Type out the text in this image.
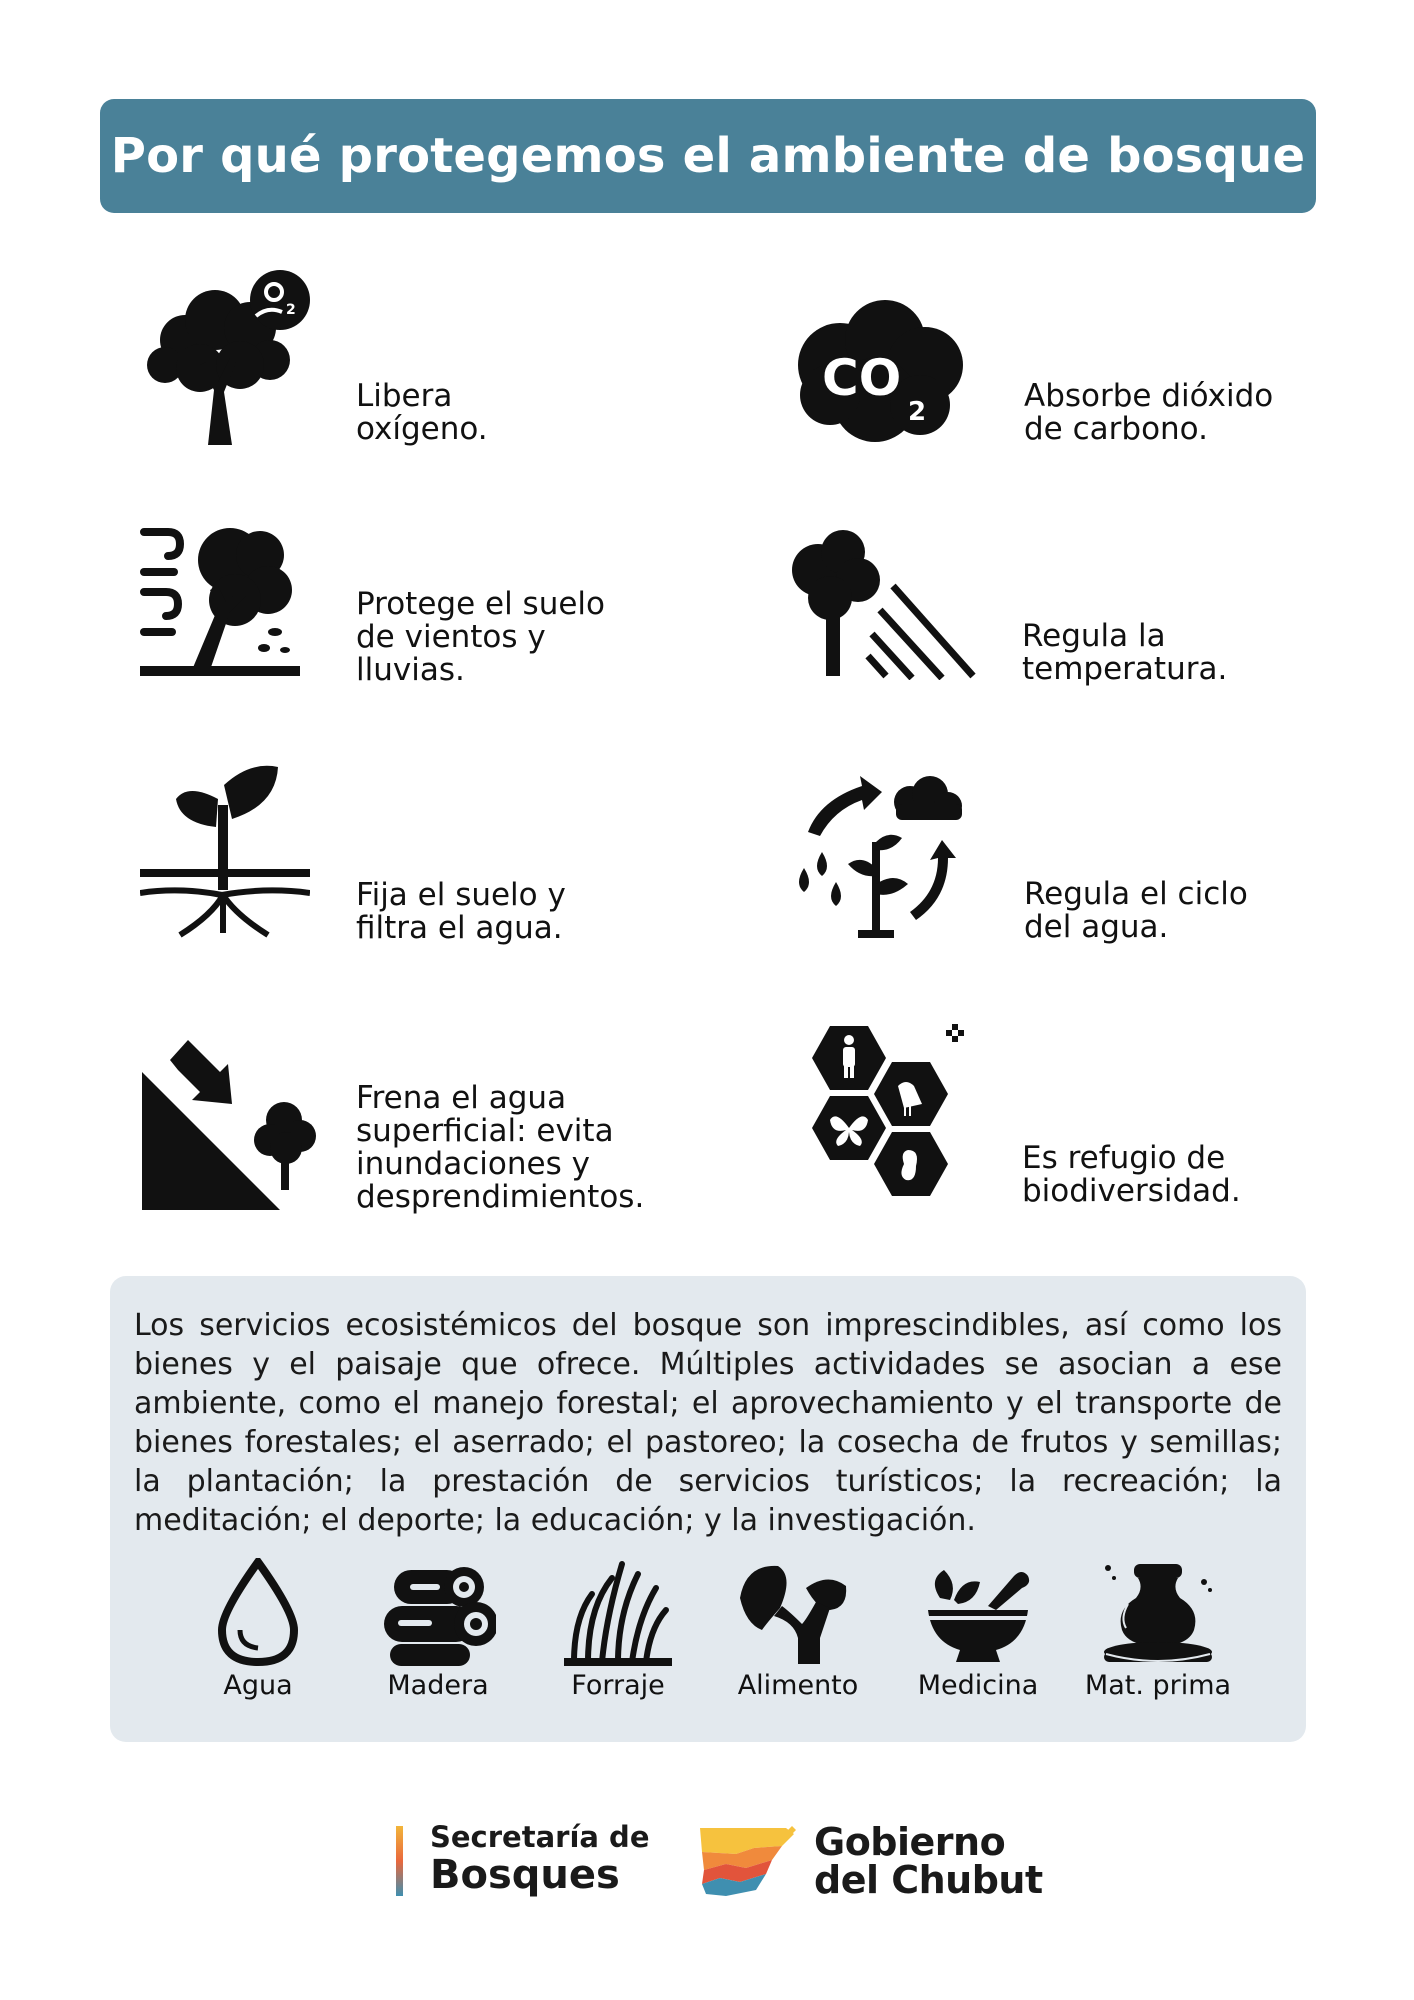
Por qué protegemos el ambiente de bosque
2
Libera
oxígeno.
CO
2	Absorbe dióxido
de carbono.
Protege el suelo
de vientos y
lluvias.
Regula la
temperatura.
Fija el suelo y
filtra el agua.
Regula el ciclo
del agua.
Frena el agua
superficial: evita
inundaciones y
desprendimientos.
Es refugio de
biodiversidad.

Los servicios ecosistémicos del bosque son imprescindibles, así como los bienes y el paisaje que ofrece. Múltiples actividades se asocian a ese ambiente, como el manejo forestal; el aprovechamiento y el transporte de bienes forestales; el aserrado; el pastoreo; la cosecha de frutos y semillas; la plantación; la prestación de servicios turísticos; la recreación; la meditación; el deporte; la educación; y la investigación.

Agua	Madera	Forraje	Alimento	Medicina	Mat. prima
Secretaría de
Bosques
Gobierno
del Chubut
